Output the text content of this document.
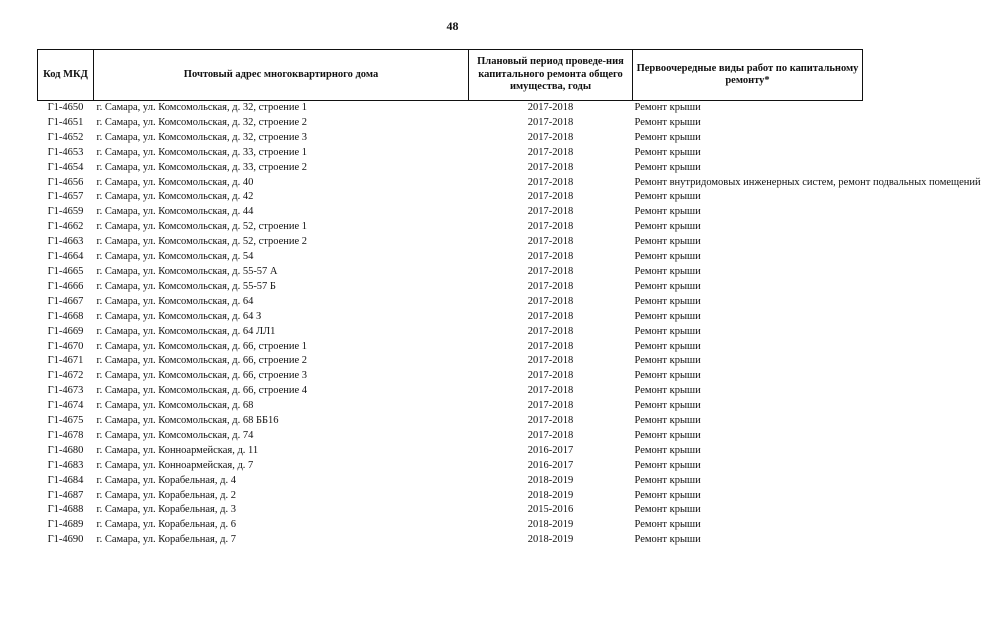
48
Код МКД	Почтовый адрес многоквартирного дома	Плановый период проведе-ния капитального ремонта общего имущества, годы	Первоочередные виды работ по капитальному ремонту*
Г1-4650	г. Самара, ул. Комсомольская, д. 32, строение 1	2017-2018	Ремонт крыши
Г1-4651	г. Самара, ул. Комсомольская, д. 32, строение 2	2017-2018	Ремонт крыши
Г1-4652	г. Самара, ул. Комсомольская, д. 32, строение 3	2017-2018	Ремонт крыши
Г1-4653	г. Самара, ул. Комсомольская, д. 33, строение 1	2017-2018	Ремонт крыши
Г1-4654	г. Самара, ул. Комсомольская, д. 33, строение 2	2017-2018	Ремонт крыши
Г1-4656	г. Самара, ул. Комсомольская, д. 40	2017-2018	Ремонт внутридомовых инженерных систем, ремонт подвальных помещений
Г1-4657	г. Самара, ул. Комсомольская, д. 42	2017-2018	Ремонт крыши
Г1-4659	г. Самара, ул. Комсомольская, д. 44	2017-2018	Ремонт крыши
Г1-4662	г. Самара, ул. Комсомольская, д. 52, строение 1	2017-2018	Ремонт крыши
Г1-4663	г. Самара, ул. Комсомольская, д. 52, строение 2	2017-2018	Ремонт крыши
Г1-4664	г. Самара, ул. Комсомольская, д. 54	2017-2018	Ремонт крыши
Г1-4665	г. Самара, ул. Комсомольская, д. 55-57 А	2017-2018	Ремонт крыши
Г1-4666	г. Самара, ул. Комсомольская, д. 55-57 Б	2017-2018	Ремонт крыши
Г1-4667	г. Самара, ул. Комсомольская, д. 64	2017-2018	Ремонт крыши
Г1-4668	г. Самара, ул. Комсомольская, д. 64 З	2017-2018	Ремонт крыши
Г1-4669	г. Самара, ул. Комсомольская, д. 64 ЛЛ1	2017-2018	Ремонт крыши
Г1-4670	г. Самара, ул. Комсомольская, д. 66, строение 1	2017-2018	Ремонт крыши
Г1-4671	г. Самара, ул. Комсомольская, д. 66, строение 2	2017-2018	Ремонт крыши
Г1-4672	г. Самара, ул. Комсомольская, д. 66, строение 3	2017-2018	Ремонт крыши
Г1-4673	г. Самара, ул. Комсомольская, д. 66, строение 4	2017-2018	Ремонт крыши
Г1-4674	г. Самара, ул. Комсомольская, д. 68	2017-2018	Ремонт крыши
Г1-4675	г. Самара, ул. Комсомольская, д. 68 ББ16	2017-2018	Ремонт крыши
Г1-4678	г. Самара, ул. Комсомольская, д. 74	2017-2018	Ремонт крыши
Г1-4680	г. Самара, ул. Конноармейская, д. 11	2016-2017	Ремонт крыши
Г1-4683	г. Самара, ул. Конноармейская, д. 7	2016-2017	Ремонт крыши
Г1-4684	г. Самара, ул. Корабельная, д. 4	2018-2019	Ремонт крыши
Г1-4687	г. Самара, ул. Корабельная, д. 2	2018-2019	Ремонт крыши
Г1-4688	г. Самара, ул. Корабельная, д. 3	2015-2016	Ремонт крыши
Г1-4689	г. Самара, ул. Корабельная, д. 6	2018-2019	Ремонт крыши
Г1-4690	г. Самара, ул. Корабельная, д. 7	2018-2019	Ремонт крыши
